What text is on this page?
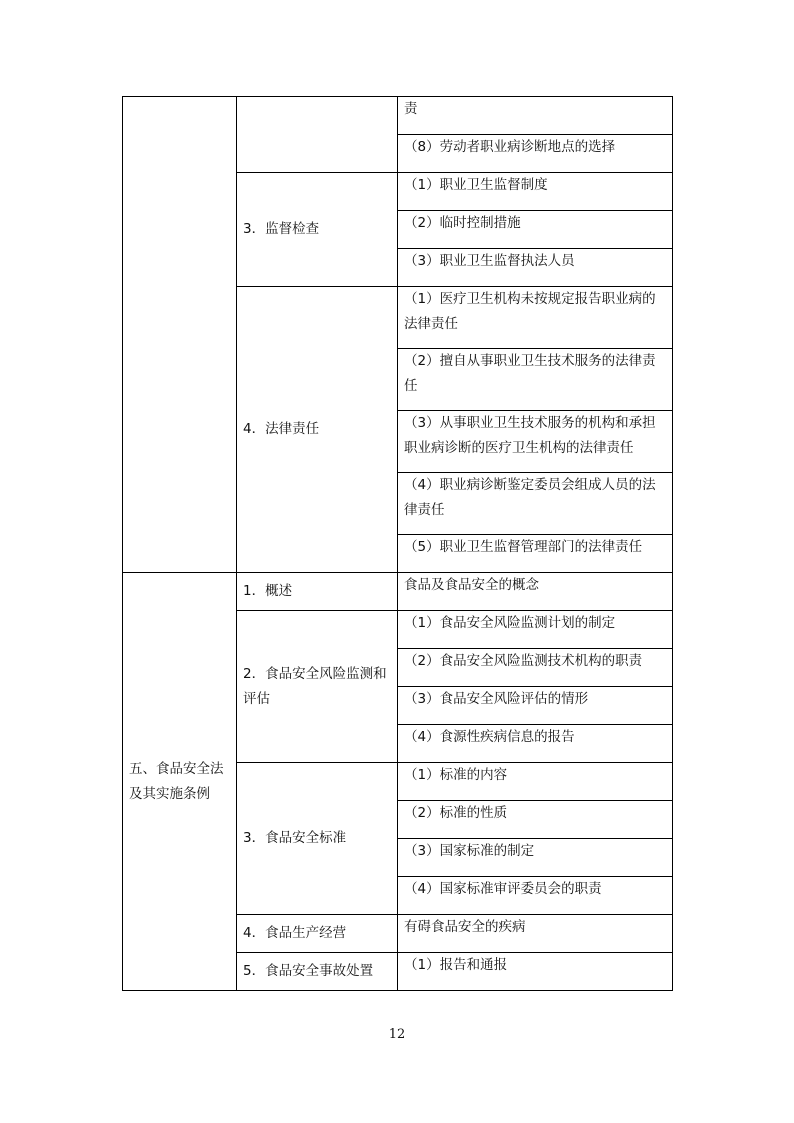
		责
		（8）劳动者职业病诊断地点的选择
	3．监督检查	（1）职业卫生监督制度
		（2）临时控制措施
		（3）职业卫生监督执法人员
	4．法律责任	（1）医疗卫生机构未按规定报告职业病的法律责任
		（2）擅自从事职业卫生技术服务的法律责任
		（3）从事职业卫生技术服务的机构和承担职业病诊断的医疗卫生机构的法律责任
		（4）职业病诊断鉴定委员会组成人员的法律责任
		（5）职业卫生监督管理部门的法律责任
五、食品安全法及其实施条例	1．概述	食品及食品安全的概念
	2．食品安全风险监测和评估	（1）食品安全风险监测计划的制定
		（2）食品安全风险监测技术机构的职责
		（3）食品安全风险评估的情形
		（4）食源性疾病信息的报告
	3．食品安全标准	（1）标准的内容
		（2）标准的性质
		（3）国家标准的制定
		（4）国家标准审评委员会的职责
	4．食品生产经营	有碍食品安全的疾病
	5．食品安全事故处置	（1）报告和通报
12
